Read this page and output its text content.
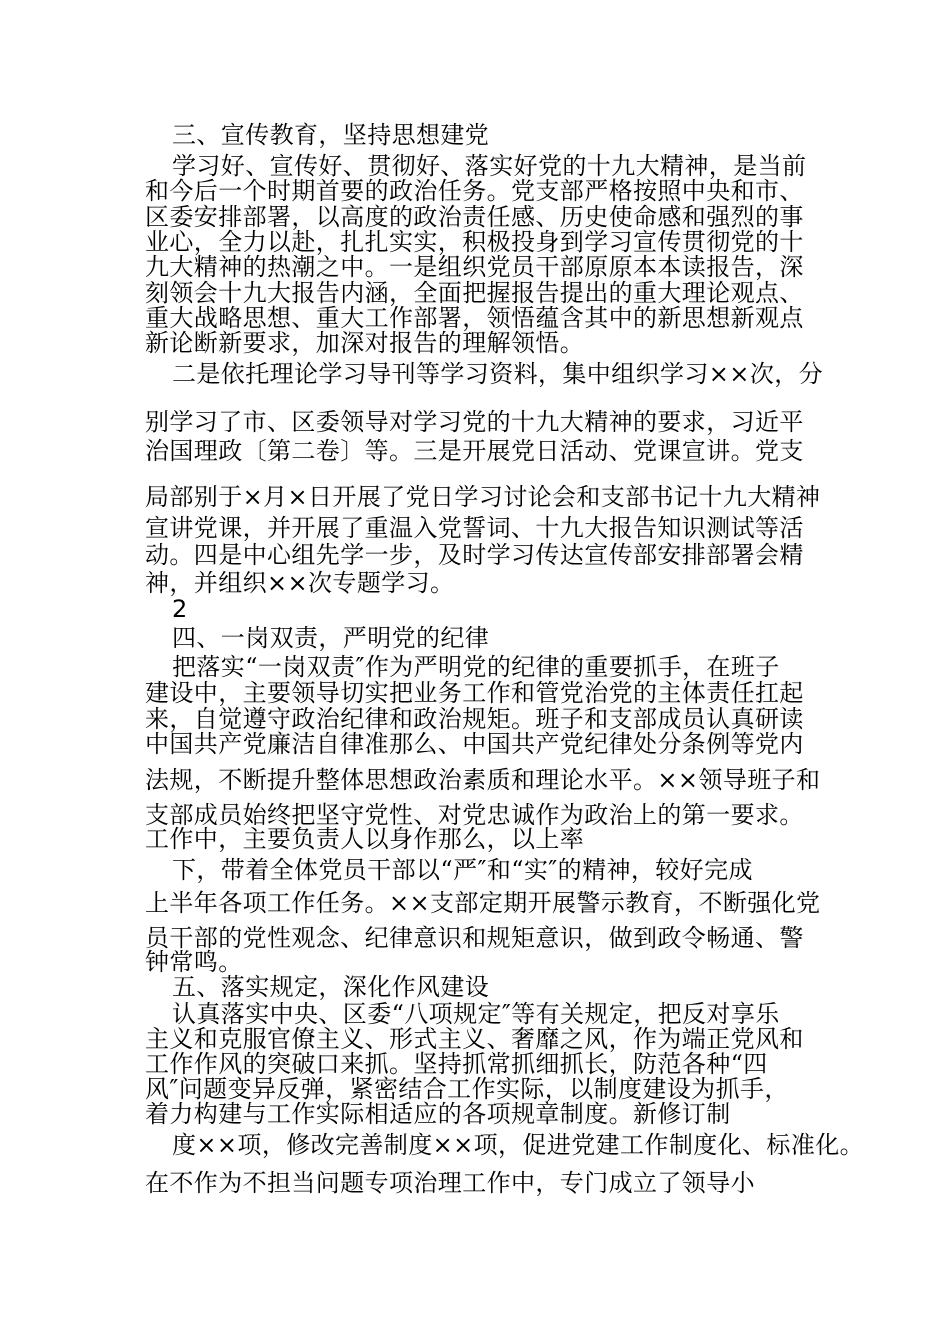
三、宣传教育，坚持思想建党
学习好、宣传好、贯彻好、落实好党的十九大精神，是当前
和今后一个时期首要的政治任务。党支部严格按照中央和市、
区委安排部署，以高度的政治责任感、历史使命感和强烈的事
业心，全力以赴，扎扎实实，积极投身到学习宣传贯彻党的十
九大精神的热潮之中。一是组织党员干部原原本本读报告，深
刻领会十九大报告内涵，全面把握报告提出的重大理论观点、
重大战略思想、重大工作部署，领悟蕴含其中的新思想新观点
新论断新要求，加深对报告的理解领悟。
二是依托理论学习导刊等学习资料，集中组织学习××次，分
别学习了市、区委领导对学习党的十九大精神的要求，习近平
治国理政〔第二卷〕等。三是开展党日活动、党课宣讲。党支
局部别于×月×日开展了党日学习讨论会和支部书记十九大精神
宣讲党课，并开展了重温入党誓词、十九大报告知识测试等活
动。四是中心组先学一步，及时学习传达宣传部安排部署会精
神，并组织××次专题学习。
2
四、一岗双责，严明党的纪律
把落实“一岗双责″作为严明党的纪律的重要抓手，在班子
建设中，主要领导切实把业务工作和管党治党的主体责任扛起
来，自觉遵守政治纪律和政治规矩。班子和支部成员认真研读
中国共产党廉洁自律准那么、中国共产党纪律处分条例等党内
法规，不断提升整体思想政治素质和理论水平。××领导班子和
支部成员始终把坚守党性、对党忠诚作为政治上的第一要求。
工作中，主要负责人以身作那么，以上率
下，带着全体党员干部以“严″和“实″的精神，较好完成
上半年各项工作任务。××支部定期开展警示教育，不断强化党
员干部的党性观念、纪律意识和规矩意识，做到政令畅通、警
钟常鸣。
五、落实规定，深化作风建设
认真落实中央、区委“八项规定″等有关规定，把反对享乐
主义和克服官僚主义、形式主义、奢靡之风，作为端正党风和
工作作风的突破口来抓。坚持抓常抓细抓长，防范各种“四
风″问题变异反弹，紧密结合工作实际，以制度建设为抓手，
着力构建与工作实际相适应的各项规章制度。新修订制
度××项，修改完善制度××项，促进党建工作制度化、标准化。
在不作为不担当问题专项治理工作中，专门成立了领导小
